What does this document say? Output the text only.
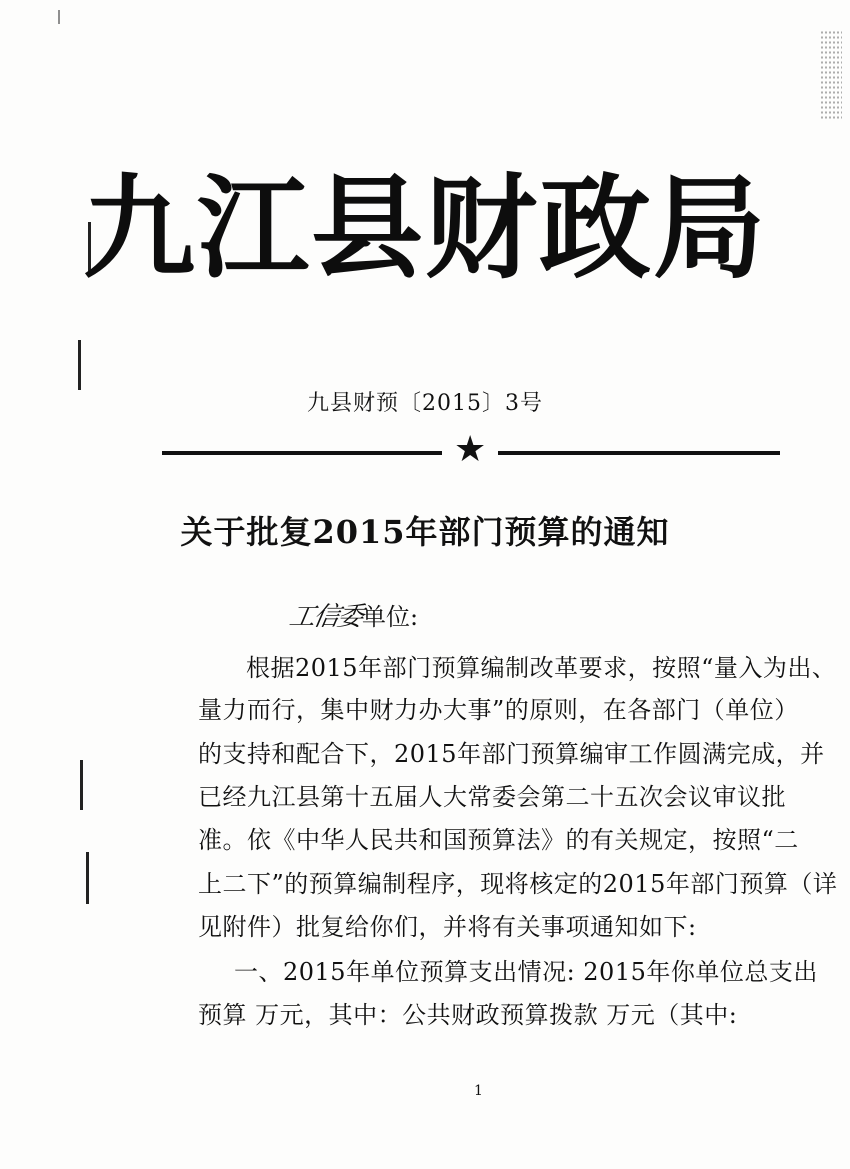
九江县财政局
九县财预〔2015〕3号
★
关于批复2015年部门预算的通知
工信委单位:
根据2015年部门预算编制改革要求，按照“量入为出、
量力而行，集中财力办大事”的原则，在各部门（单位）
的支持和配合下，2015年部门预算编审工作圆满完成，并
已经九江县第十五届人大常委会第二十五次会议审议批
准。依《中华人民共和国预算法》的有关规定，按照“二
上二下”的预算编制程序，现将核定的2015年部门预算（详
见附件）批复给你们，并将有关事项通知如下:
一、2015年单位预算支出情况: 2015年你单位总支出
预算 万元，其中：公共财政预算拨款 万元（其中:
1
